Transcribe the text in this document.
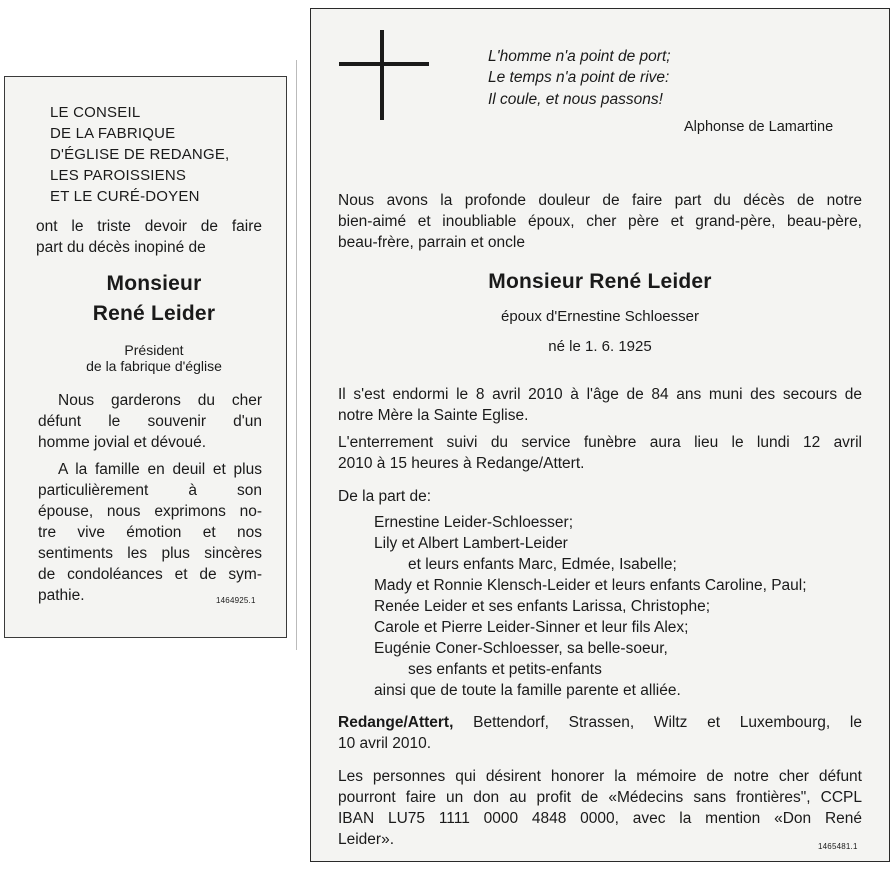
LE CONSEIL
DE LA FABRIQUE
D'ÉGLISE DE REDANGE,
LES PAROISSIENS
ET LE CURÉ-DOYEN
ont le triste devoir de faire
part du décès inopiné de
Monsieur
René Leider
Président
de la fabrique d'église
Nous garderons du cher
défunt le souvenir d'un
homme jovial et dévoué.
A la famille en deuil et plus
particulièrement à son
épouse, nous exprimons no-
tre vive émotion et nos
sentiments les plus sincères
de condoléances et de sym-
pathie.	1464925.1
L'homme n'a point de port;
Le temps n'a point de rive:
Il coule, et nous passons!
Alphonse de Lamartine
Nous avons la profonde douleur de faire part du décès de notre
bien-aimé et inoubliable époux, cher père et grand-père, beau-père,
beau-frère, parrain et oncle
Monsieur René Leider
époux d'Ernestine Schloesser
né le 1. 6. 1925
Il s'est endormi le 8 avril 2010 à l'âge de 84 ans muni des secours de
notre Mère la Sainte Eglise.
L'enterrement suivi du service funèbre aura lieu le lundi 12 avril
2010 à 15 heures à Redange/Attert.
De la part de:
Ernestine Leider-Schloesser;
Lily et Albert Lambert-Leider
et leurs enfants Marc, Edmée, Isabelle;
Mady et Ronnie Klensch-Leider et leurs enfants Caroline, Paul;
Renée Leider et ses enfants Larissa, Christophe;
Carole et Pierre Leider-Sinner et leur fils Alex;
Eugénie Coner-Schloesser, sa belle-soeur,
ses enfants et petits-enfants
ainsi que de toute la famille parente et alliée.
Redange/Attert, Bettendorf, Strassen, Wiltz et Luxembourg, le
10 avril 2010.
Les personnes qui désirent honorer la mémoire de notre cher défunt
pourront faire un don au profit de «Médecins sans frontières", CCPL
IBAN LU75 1111 0000 4848 0000, avec la mention «Don René
Leider».	1465481.1
